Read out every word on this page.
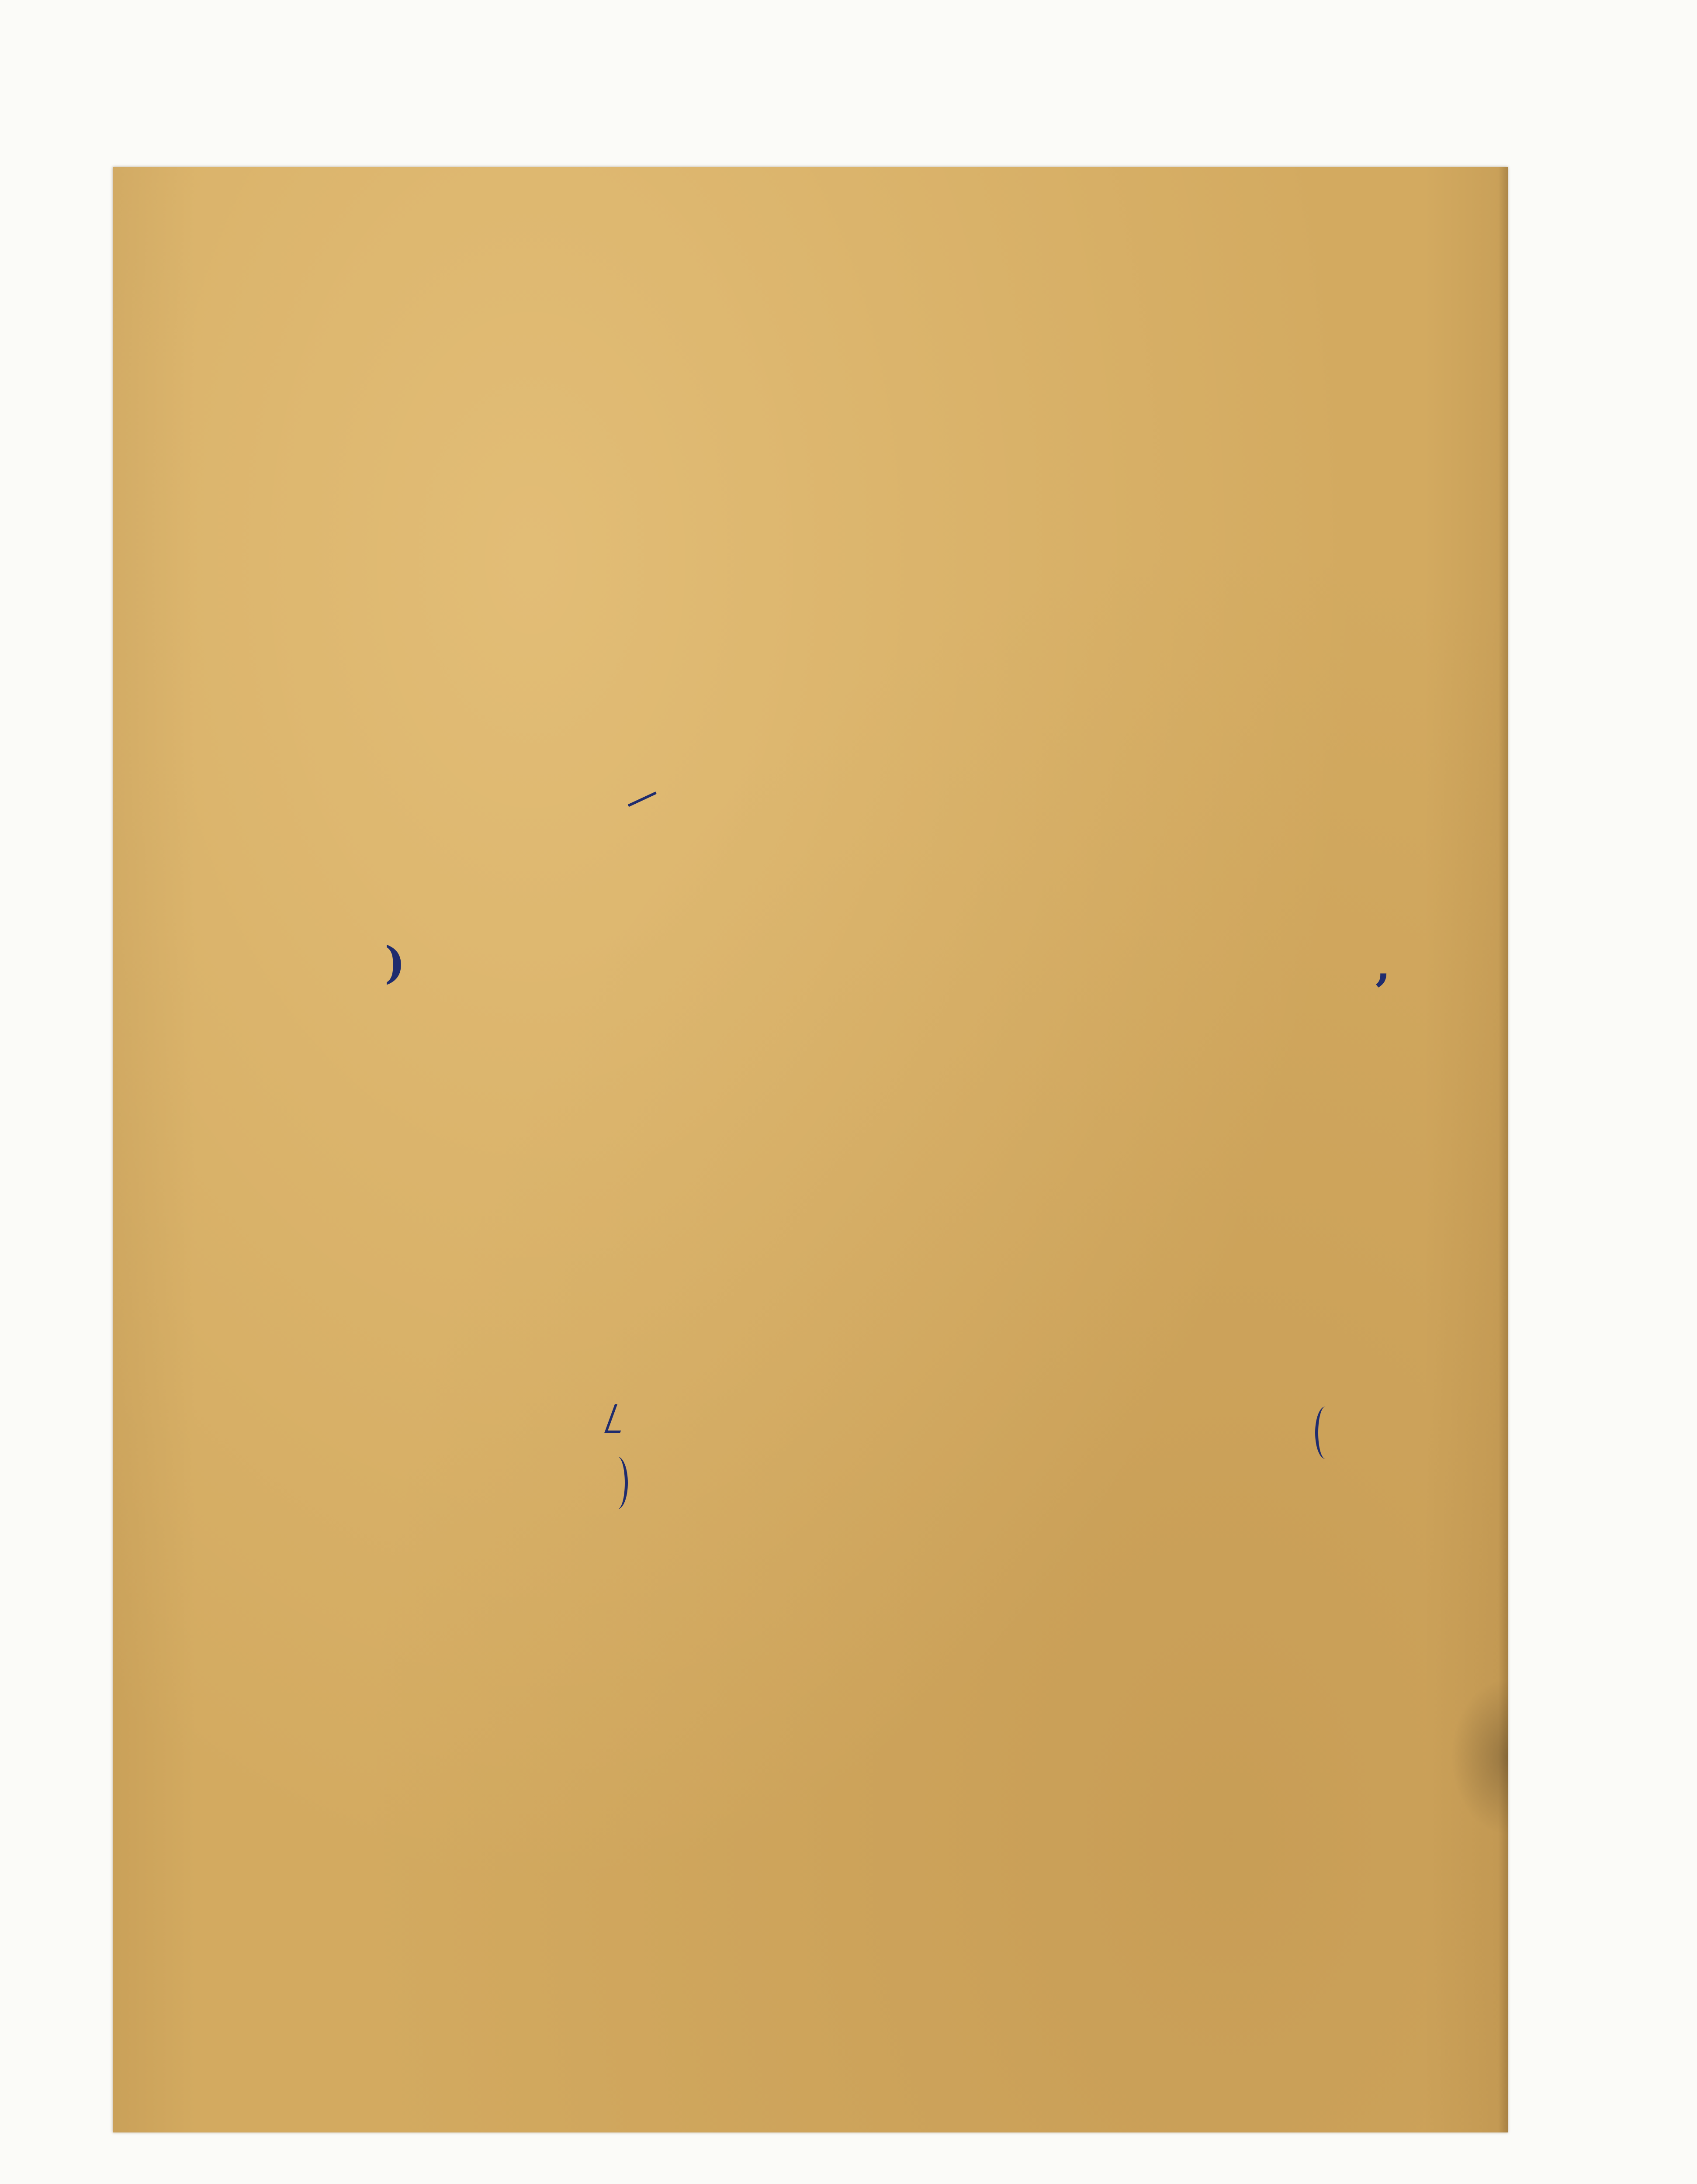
)	,
